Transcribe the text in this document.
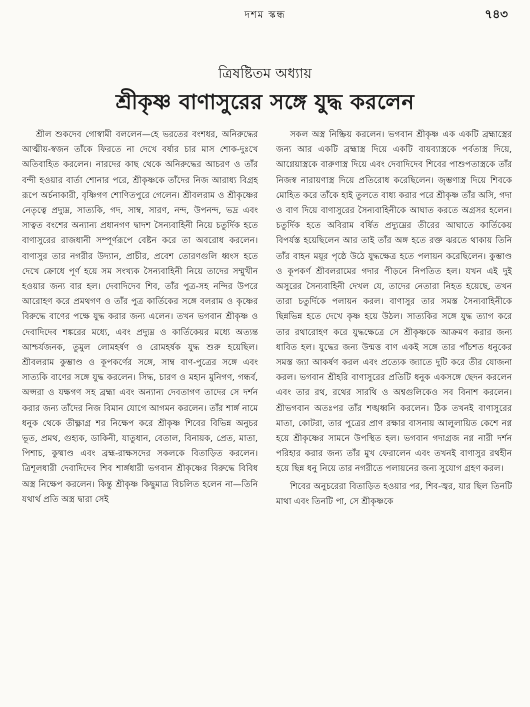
দশম স্কন্ধ	৭৪৩
ত্রিষষ্টিতম অধ্যায়
শ্রীকৃষ্ণ বাণাসুরের সঙ্গে যুদ্ধ করলেন

শ্রীল শুকদেব গোস্বামী বললেন—হে ভরতের বংশধর, অনিরুদ্ধের আত্মীয়-স্বজন তাঁকে ফিরতে না দেখে বর্ষার চার মাস শোক-দুঃখে অতিবাহিত করলেন। নারদের কাছ থেকে অনিরুদ্ধের আচরণ ও তাঁর বন্দী হওয়ার বার্তা শোনার পরে, শ্রীকৃষ্ণকে তাঁদের নিজ আরাধ্য বিগ্রহ রূপে অর্চনাকারী, বৃষ্ণিগণ শোণিতপুরে গেলেন। শ্রীবলরাম ও শ্রীকৃষ্ণের নেতৃত্বে প্রদ্যুম্ন, সাত্যকি, গদ, সাম্ব, সারণ, নন্দ, উপনন্দ, ভদ্র এবং সাত্বত বংশের অন্যান্য প্রধানগণ দ্বাদশ সৈন্যবাহিনী নিয়ে চতুর্দিক হতে বাণাসুরের রাজধানী সম্পূর্ণরূপে বেষ্টন করে তা অবরোধ করলেন। বাণাসুর তার নগরীর উদ্যান, প্রাচীর, প্রবেশ তোরণগুলি ধ্বংস হতে দেখে ক্রোধে পূর্ণ হয়ে সম সংখ্যক সৈন্যবাহিনী নিয়ে তাদের সম্মুখীন হওয়ার জন্য বার হল। দেবাদিদেব শিব, তাঁর পুত্র-সহ নন্দির উপরে আরোহণ করে প্রমথগণ ও তাঁর পুত্র কার্তিকের সঙ্গে বলরাম ও কৃষ্ণের বিরুদ্ধে বাণের পক্ষে যুদ্ধ করার জন্য এলেন। তখন ভগবান শ্রীকৃষ্ণ ও দেবাদিদেব শঙ্করের মধ্যে, এবং প্রদ্যুম্ন ও কার্তিকেয়র মধ্যে অত্যন্ত আশ্চর্যজনক, তুমুল লোমহর্ষণ ও রোমহর্ষক যুদ্ধ শুরু হয়েছিল। শ্রীবলরাম কুম্ভাণ্ড ও কূপকর্ণের সঙ্গে, সাম্ব বাণ-পুত্রের সঙ্গে এবং সাত্যকি বাণের সঙ্গে যুদ্ধ করলেন। সিদ্ধ, চারণ ও মহান মুনিগণ, গন্ধর্ব, অপ্সরা ও যক্ষগণ সহ ব্রহ্মা এবং অন্যান্য দেবতাগণ তাদের সে দর্শন করার জন্য তাঁদের নিজ বিমান যোগে আগমন করলেন। তাঁর শার্ঙ্গ নামে ধনুক থেকে তীক্ষ্ণাগ্র শর নিক্ষেপ করে শ্রীকৃষ্ণ শিবের বিভিন্ন অনুচর ভূত, প্রমথ, গুহ্যক, ডাকিনী, যাতুধান, বেতাল, বিনায়ক, প্রেত, মাতা, পিশাচ, কুষ্মাণ্ড এবং ব্রহ্ম-রাক্ষসদের সকলকে বিতাড়িত করলেন। ত্রিশূলধারী দেবাদিদেব শিব শার্ঙ্গধারী ভগবান শ্রীকৃষ্ণের বিরুদ্ধে বিবিধ অস্ত্র নিক্ষেপ করলেন। কিন্তু শ্রীকৃষ্ণ কিছুমাত্র বিচলিত হলেন না—তিনি যথার্থ প্রতি অস্ত্র দ্বারা সেই

সকল অস্ত্র নিষ্ক্রিয় করলেন। ভগবান শ্রীকৃষ্ণ এক একটি ব্রহ্মাস্ত্রের জন্য আর একটি ব্রহ্মাস্ত্র দিয়ে একটি বায়ব্যাস্ত্রকে পর্বতাস্ত্র দিয়ে, আগ্নেয়াস্ত্রকে বারুণাস্ত্র দিয়ে এবং দেবাদিদেব শিবের পাশুপতাস্ত্রকে তাঁর নিজস্ব নারায়ণাস্ত্র দিয়ে প্রতিরোধ করেছিলেন। জৃম্ভণাস্ত্র দিয়ে শিবকে মোহিত করে তাঁকে হাই তুলতে বাধ্য করার পরে শ্রীকৃষ্ণ তাঁর অসি, গদা ও বাণ দিয়ে বাণাসুরের সৈন্যবাহিনীকে আঘাত করতে অগ্রসর হলেন। চতুর্দিক হতে অবিরাম বর্ষিত প্রদ্যুম্নের তীরের আঘাতে কার্তিকেয় বিপর্যস্ত হয়েছিলেন আর তাই তাঁর অঙ্গ হতে রক্ত ঝরতে থাকায় তিনি তাঁর বাহন ময়ূর পৃষ্ঠে উঠে যুদ্ধক্ষেত্র হতে পলায়ন করেছিলেন। কুম্ভাণ্ড ও কূপকর্ণ শ্রীবলরামের গদার পীড়নে নিপতিত হল। যখন এই দুই অসুরের সৈন্যবাহিনী দেখল যে, তাদের নেতারা নিহত হয়েছে, তখন তারা চতুর্দিকে পলায়ন করল। বাণাসুর তার সমস্ত সৈন্যবাহিনীকে ছিন্নভিন্ন হতে দেখে কৃষ্ণ হয়ে উঠল। সাত্যকির সঙ্গে যুদ্ধ ত্যাগ করে তার রথারোহণ করে যুদ্ধক্ষেত্রে সে শ্রীকৃষ্ণকে আক্রমণ করার জন্য ধাবিত হল। যুদ্ধের জন্য উন্মত্ত বাণ একই সঙ্গে তার পাঁচশত ধনুকের সমস্ত জ্যা আকর্ষণ করল এবং প্রত্যেক জ্যাতে দুটি করে তীর যোজনা করল। ভগবান শ্রীহরি বাণাসুরের প্রতিটি ধনুক একসঙ্গে ছেদন করলেন এবং তার রথ, রথের সারথি ও অশ্বগুলিকেও সব বিনাশ করলেন। শ্রীভগবান অতঃপর তাঁর শঙ্খধ্বনি করলেন। ঠিক তখনই বাণাসুরের মাতা, কোটরা, তার পুত্রের প্রাণ রক্ষার বাসনায় আলুলায়িত কেশে নগ্ন হয়ে শ্রীকৃষ্ণের সামনে উপস্থিত হল। ভগবান গদাগ্রজ নগ্ন নারী দর্শন পরিহার করার জন্য তাঁর মুখ ফেরালেন এবং তখনই বাণাসুর রথহীন হয়ে ছিন্ন ধনু নিয়ে তার নগরীতে পলায়নের জন্য সুযোগ গ্রহণ করল।

শিবের অনুচরেরা বিতাড়িত হওয়ার পর, শিব-জ্বর, যার ছিল তিনটি মাথা এবং তিনটি পা, সে শ্রীকৃষ্ণকে
